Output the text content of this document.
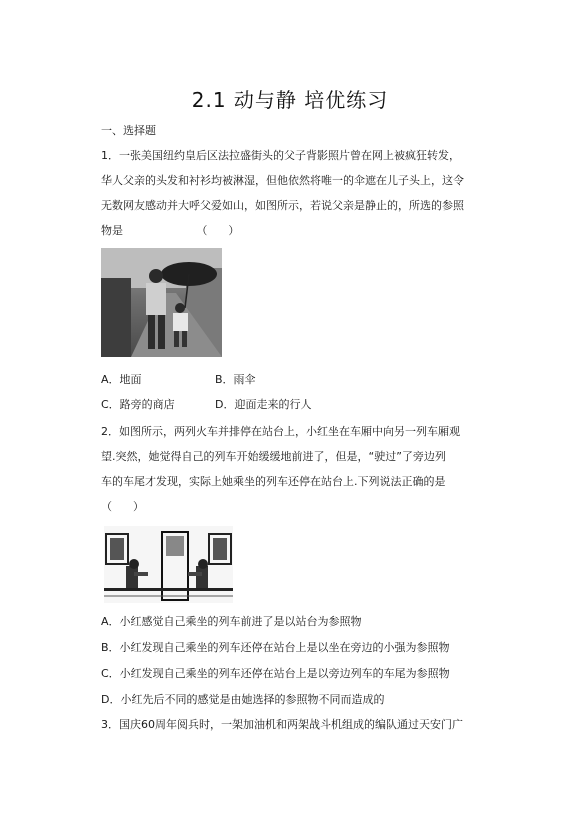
2.1 动与静 培优练习
一、选择题
1．一张美国纽约皇后区法拉盛街头的父子背影照片曾在网上被疯狂转发，
华人父亲的头发和衬衫均被淋湿，但他依然将唯一的伞遮在儿子头上，这令
无数网友感动并大呼父爱如山，如图所示，若说父亲是静止的，所选的参照
物是                     （      ）
A．地面	B．雨伞
C．路旁的商店	D．迎面走来的行人
2．如图所示，两列火车并排停在站台上，小红坐在车厢中向另一列车厢观
望.突然，她觉得自己的列车开始缓缓地前进了，但是，“驶过”了旁边列
车的车尾才发现，实际上她乘坐的列车还停在站台上.下列说法正确的是
（      ）
A．小红感觉自己乘坐的列车前进了是以站台为参照物
B．小红发现自己乘坐的列车还停在站台上是以坐在旁边的小强为参照物
C．小红发现自己乘坐的列车还停在站台上是以旁边列车的车尾为参照物
D．小红先后不同的感觉是由她选择的参照物不同而造成的
3．国庆60周年阅兵时，一架加油机和两架战斗机组成的编队通过天安门广
